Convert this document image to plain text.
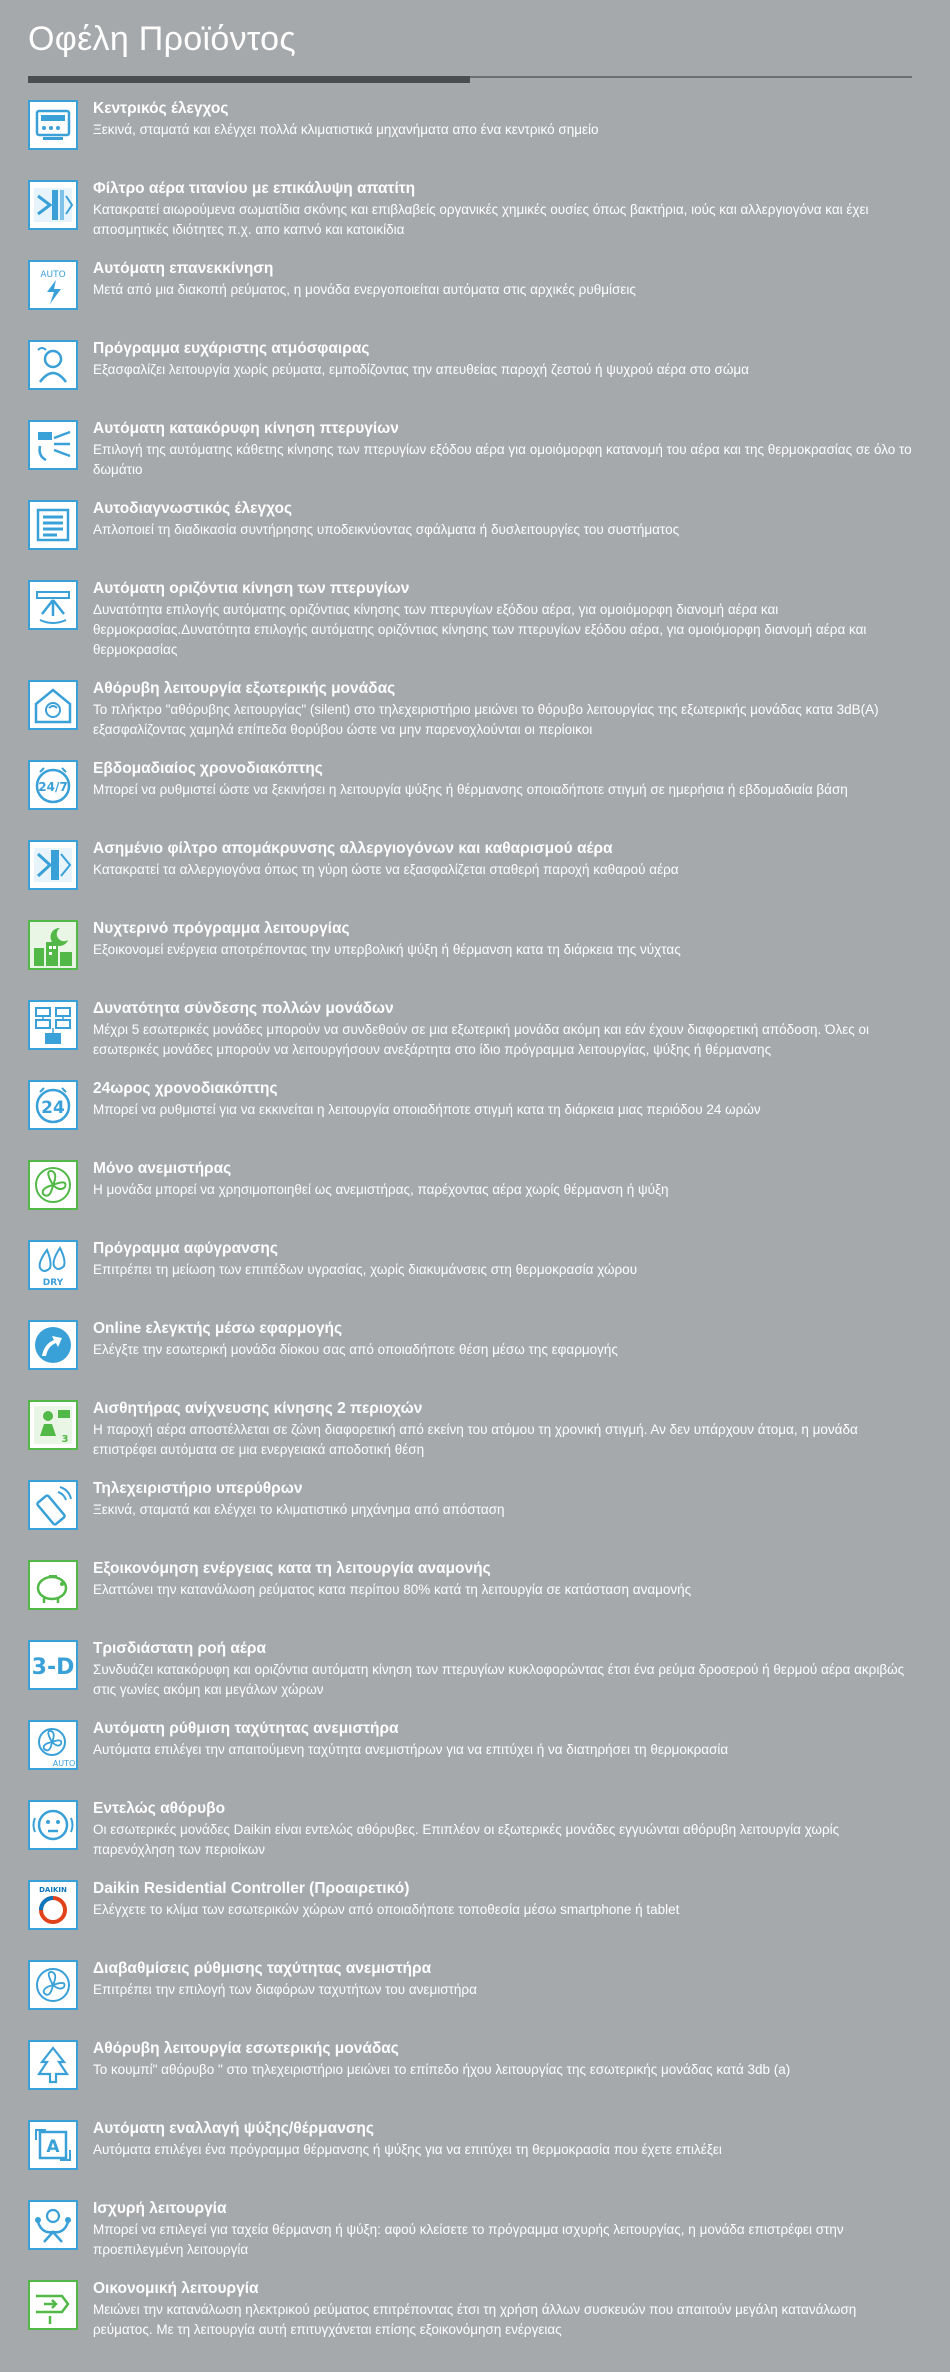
Οφέλη Προϊόντος
Κεντρικός έλεγχος
Ξεκινά, σταματά και ελέγχει πολλά κλιματιστικά μηχανήματα απο ένα κεντρικό σημείο
Φίλτρο αέρα τιτανίου με επικάλυψη απατίτη
Κατακρατεί αιωρούμενα σωματίδια σκόνης και επιβλαβείς οργανικές χημικές ουσίες όπως βακτήρια, ιούς και αλλεργιογόνα και έχει αποσμητικές ιδιότητες π.χ. απο καπνό και κατοικίδια
AUTO Αυτόματη επανεκκίνηση
Μετά από μια διακοπή ρεύματος, η μονάδα ενεργοποιείται αυτόματα στις αρχικές ρυθμίσεις
Πρόγραμμα ευχάριστης ατμόσφαιρας
Εξασφαλίζει λειτουργία χωρίς ρεύματα, εμποδίζοντας την απευθείας παροχή ζεστού ή ψυχρού αέρα στο σώμα
Αυτόματη κατακόρυφη κίνηση πτερυγίων
Επιλογή της αυτόματης κάθετης κίνησης των πτερυγίων εξόδου αέρα για ομοιόμορφη κατανομή του αέρα και της θερμοκρασίας σε όλο το δωμάτιο
Αυτοδιαγνωστικός έλεγχος
Απλοποιεί τη διαδικασία συντήρησης υποδεικνύοντας σφάλματα ή δυσλειτουργίες του συστήματος
Αυτόματη οριζόντια κίνηση των πτερυγίων
Δυνατότητα επιλογής αυτόματης οριζόντιας κίνησης των πτερυγίων εξόδου αέρα, για ομοιόμορφη διανομή αέρα και θερμοκρασίας.Δυνατότητα επιλογής αυτόματης οριζόντιας κίνησης των πτερυγίων εξόδου αέρα, για ομοιόμορφη διανομή αέρα και θερμοκρασίας
Αθόρυβη λειτουργία εξωτερικής μονάδας
Το πλήκτρο "αθόρυβης λειτουργίας" (silent) στο τηλεχειριστήριο μειώνει το θόρυβο λειτουργίας της εξωτερικής μονάδας κατα 3dB(A) εξασφαλίζοντας χαμηλά επίπεδα θορύβου ώστε να μην παρενοχλούνται οι περίοικοι
24/7
Εβδομαδιαίος χρονοδιακόπτης
Μπορεί να ρυθμιστεί ώστε να ξεκινήσει η λειτουργία ψύξης ή θέρμανσης οποιαδήποτε στιγμή σε ημερήσια ή εβδομαδιαία βάση
Ασημένιο φίλτρο απομάκρυνσης αλλεργιογόνων και καθαρισμού αέρα
Κατακρατεί τα αλλεργιογόνα όπως τη γύρη ώστε να εξασφαλίζεται σταθερή παροχή καθαρού αέρα
Νυχτερινό πρόγραμμα λειτουργίας
Εξοικονομεί ενέργεια αποτρέποντας την υπερβολική ψύξη ή θέρμανση κατα τη διάρκεια της νύχτας
Δυνατότητα σύνδεσης πολλών μονάδων
Μέχρι 5 εσωτερικές μονάδες μπορούν να συνδεθούν σε μια εξωτερική μονάδα ακόμη και εάν έχουν διαφορετική απόδοση. Όλες οι εσωτερικές μονάδες μπορούν να λειτουργήσουν ανεξάρτητα στο ίδιο πρόγραμμα λειτουργίας, ψύξης ή θέρμανσης
24
24ωρος χρονοδιακόπτης
Μπορεί να ρυθμιστεί για να εκκινείται η λειτουργία οποιαδήποτε στιγμή κατα τη διάρκεια μιας περιόδου 24 ωρών
Μόνο ανεμιστήρας
Η μονάδα μπορεί να χρησιμοποιηθεί ως ανεμιστήρας, παρέχοντας αέρα χωρίς θέρμανση ή ψύξη
DRY
Πρόγραμμα αφύγρανσης
Επιτρέπει τη μείωση των επιπέδων υγρασίας, χωρίς διακυμάνσεις στη θερμοκρασία χώρου
Online ελεγκτής μέσω εφαρμογής
Ελέγξτε την εσωτερική μονάδα δίοκου σας από οποιαδήποτε θέση μέσω της εφαρμογής
3
Αισθητήρας ανίχνευσης κίνησης 2 περιοχών
Η παροχή αέρα αποστέλλεται σε ζώνη διαφορετική από εκείνη του ατόμου τη χρονική στιγμή. Αν δεν υπάρχουν άτομα, η μονάδα επιστρέφει αυτόματα σε μια ενεργειακά αποδοτική θέση
Τηλεχειριστήριο υπερύθρων
Ξεκινά, σταματά και ελέγχει το κλιματιστικό μηχάνημα από απόσταση
Εξοικονόμηση ενέργειας κατα τη λειτουργία αναμονής
Ελαττώνει την κατανάλωση ρεύματος κατα περίπου 80% κατά τη λειτουργία σε κατάσταση αναμονής
3-D
Τρισδιάστατη ροή αέρα
Συνδυάζει κατακόρυφη και οριζόντια αυτόματη κίνηση των πτερυγίων κυκλοφορώντας έτσι ένα ρεύμα δροσερού ή θερμού αέρα ακριβώς στις γωνίες ακόμη και μεγάλων χώρων
AUTO
Αυτόματη ρύθμιση ταχύτητας ανεμιστήρα
Αυτόματα επιλέγει την απαιτούμενη ταχύτητα ανεμιστήρων για να επιτύχει ή να διατηρήσει τη θερμοκρασία
Εντελώς αθόρυβο
Οι εσωτερικές μονάδες Daikin είναι εντελώς αθόρυβες. Επιπλέον οι εξωτερικές μονάδες εγγυώνται αθόρυβη λειτουργία χωρίς παρενόχληση των περιοίκων
DAIKIN Daikin Residential Controller (Προαιρετικό)
Ελέγχετε το κλίμα των εσωτερικών χώρων από οποιαδήποτε τοποθεσία μέσω smartphone ή tablet
Διαβαθμίσεις ρύθμισης ταχύτητας ανεμιστήρα
Επιτρέπει την επιλογή των διαφόρων ταχυτήτων του ανεμιστήρα
Αθόρυβη λειτουργία εσωτερικής μονάδας
Το κουμπί" αθόρυβο " στο τηλεχειριστήριο μειώνει το επίπεδο ήχου λειτουργίας της εσωτερικής μονάδας κατά 3db (a)
A
Αυτόματη εναλλαγή ψύξης/θέρμανσης
Αυτόματα επιλέγει ένα πρόγραμμα θέρμανσης ή ψύξης για να επιτύχει τη θερμοκρασία που έχετε επιλέξει
Ισχυρή λειτουργία
Μπορεί να επιλεγεί για ταχεία θέρμανση ή ψύξη: αφού κλείσετε το πρόγραμμα ισχυρής λειτουργίας, η μονάδα επιστρέφει στην προεπιλεγμένη λειτουργία
Οικονομική λειτουργία
Μειώνει την κατανάλωση ηλεκτρικού ρεύματος επιτρέποντας έτσι τη χρήση άλλων συσκευών που απαιτούν μεγάλη κατανάλωση ρεύματος. Με τη λειτουργία αυτή επιτυγχάνεται επίσης εξοικονόμηση ενέργειας
